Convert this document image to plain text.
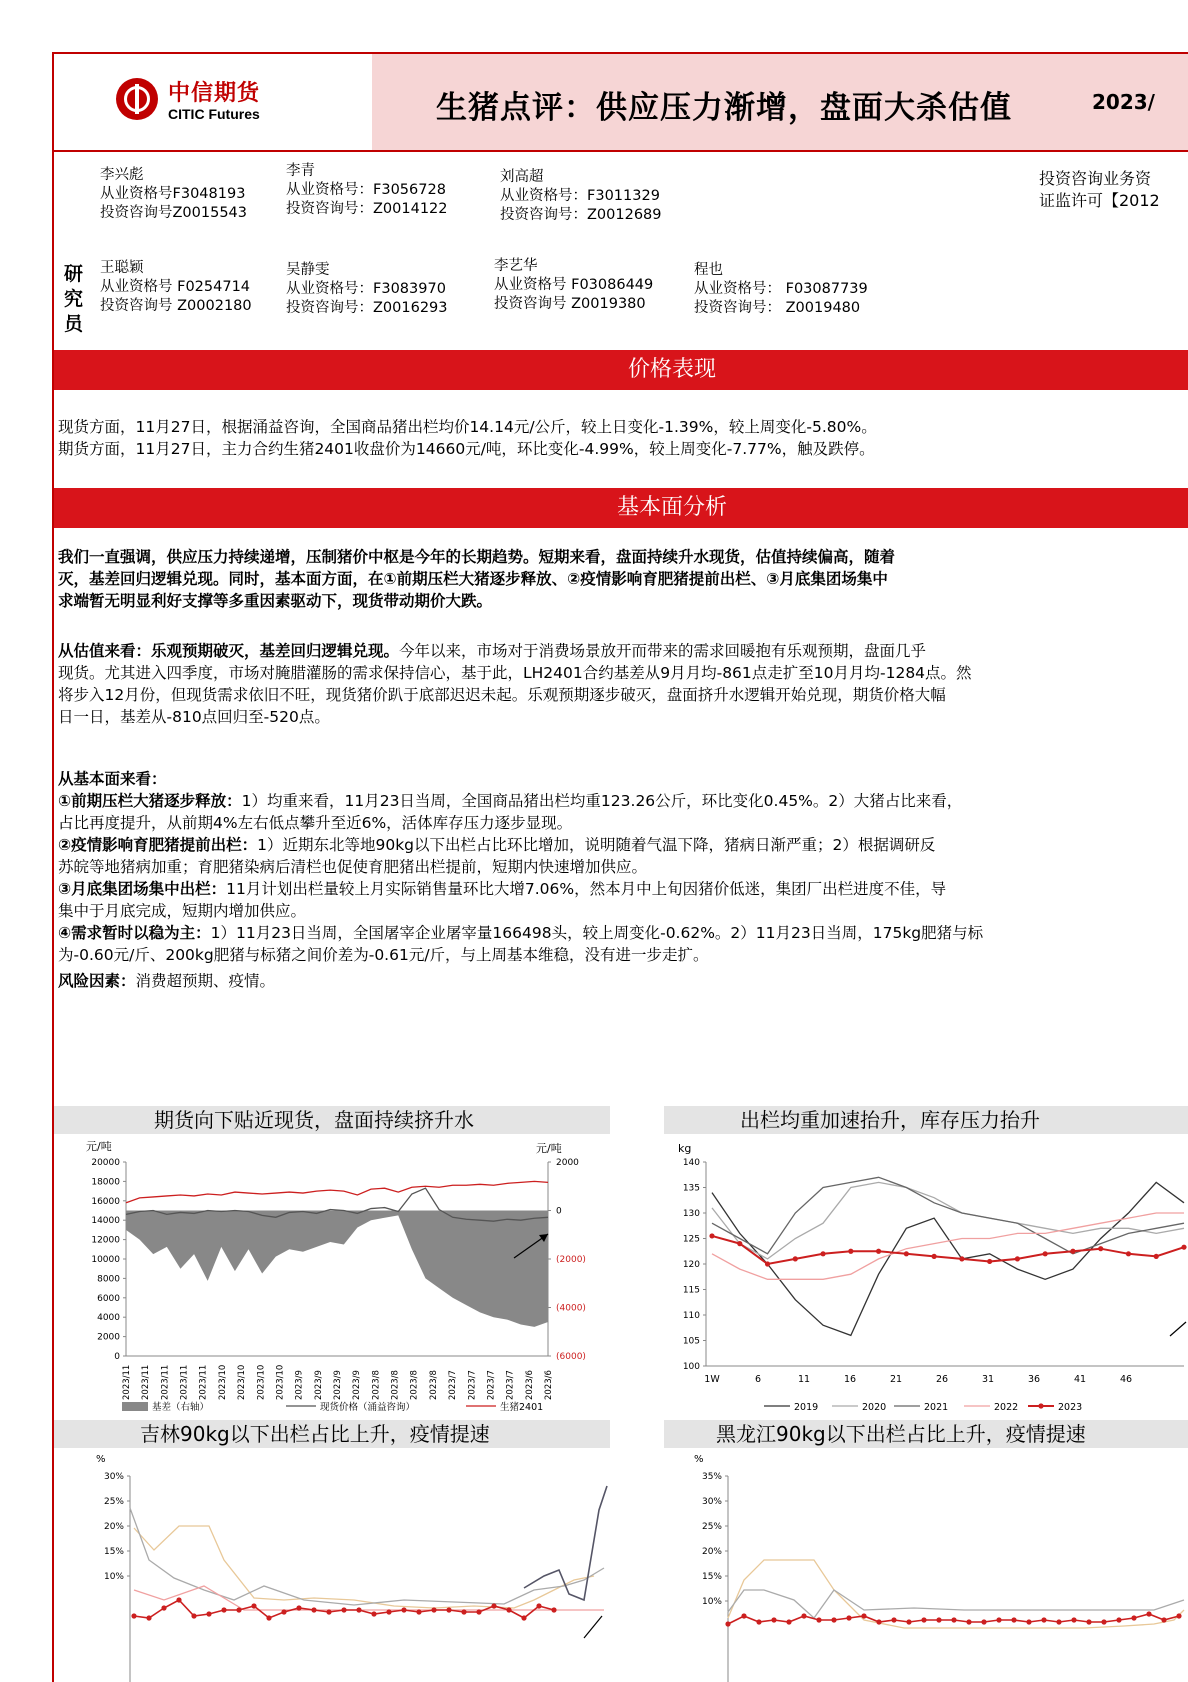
中信期货
CITIC Futures	生猪点评：供应压力渐增，盘面大杀估值	2023/
研究员
李兴彪
从业资格号F3048193
投资咨询号Z0015543
李青
从业资格号：F3056728
投资咨询号：Z0014122
刘高超
从业资格号：F3011329
投资咨询号：Z0012689
王聪颖
从业资格号 F0254714
投资咨询号 Z0002180
吴静雯
从业资格号：F3083970
投资咨询号：Z0016293
李艺华
从业资格号 F03086449
投资咨询号 Z0019380
程也
从业资格号： F03087739
投资咨询号： Z0019480
投资咨询业务资
证监许可【2012
价格表现
现货方面，11月27日，根据涌益咨询，全国商品猪出栏均价14.14元/公斤，较上日变化-1.39%，较上周变化-5.80%。
期货方面，11月27日，主力合约生猪2401收盘价为14660元/吨，环比变化-4.99%，较上周变化-7.77%，触及跌停。
基本面分析
我们一直强调，供应压力持续递增，压制猪价中枢是今年的长期趋势。短期来看，盘面持续升水现货，估值持续偏高，随着
灭，基差回归逻辑兑现。同时，基本面方面，在①前期压栏大猪逐步释放、②疫情影响育肥猪提前出栏、③月底集团场集中
求端暂无明显利好支撑等多重因素驱动下，现货带动期价大跌。
从估值来看：乐观预期破灭，基差回归逻辑兑现。今年以来，市场对于消费场景放开而带来的需求回暖抱有乐观预期，盘面几乎
现货。尤其进入四季度，市场对腌腊灌肠的需求保持信心，基于此，LH2401合约基差从9月月均-861点走扩至10月月均-1284点。然
将步入12月份，但现货需求依旧不旺，现货猪价趴于底部迟迟未起。乐观预期逐步破灭，盘面挤升水逻辑开始兑现，期货价格大幅
日一日，基差从-810点回归至-520点。
从基本面来看：
①前期压栏大猪逐步释放：1）均重来看，11月23日当周，全国商品猪出栏均重123.26公斤，环比变化0.45%。2）大猪占比来看，
占比再度提升，从前期4%左右低点攀升至近6%，活体库存压力逐步显现。
②疫情影响育肥猪提前出栏：1）近期东北等地90kg以下出栏占比环比增加，说明随着气温下降，猪病日渐严重；2）根据调研反
苏皖等地猪病加重；育肥猪染病后清栏也促使育肥猪出栏提前，短期内快速增加供应。
③月底集团场集中出栏：11月计划出栏量较上月实际销售量环比大增7.06%，然本月中上旬因猪价低迷，集团厂出栏进度不佳，导
集中于月底完成，短期内增加供应。
④需求暂时以稳为主：1）11月23日当周，全国屠宰企业屠宰量166498头，较上周变化-0.62%。2）11月23日当周，175kg肥猪与标
为-0.60元/斤、200kg肥猪与标猪之间价差为-0.61元/斤，与上周基本维稳，没有进一步走扩。
风险因素：消费超预期、疫情。
期货向下贴近现货，盘面持续挤升水	出栏均重加速抬升，库存压力抬升
吉林90kg以下出栏占比上升，疫情提速	黑龙江90kg以下出栏占比上升，疫情提速
元/吨	元/吨
20000
18000
16000
14000
12000
10000
8000
6000
4000
2000
0
2000
0
(2000)
(4000)
(6000)
2023/11 2023/11 2023/11 2023/11 2023/11 2023/10 2023/10 2023/10 2023/10 2023/9 2023/9 2023/9 2023/9 2023/8 2023/8 2023/8 2023/8 2023/7 2023/7 2023/7 2023/7 2023/6 2023/6
基差（右轴）	现货价格（涌益咨询）	生猪2401
kg
140
135
130
125
120
115
110
105
100
1W	6	11	16	21	26	31	36	41	46
2019	2020	2021	2022	2023
%
30%
25%
20%
15%
10%
%
35%
30%
25%
20%
15%
10%
